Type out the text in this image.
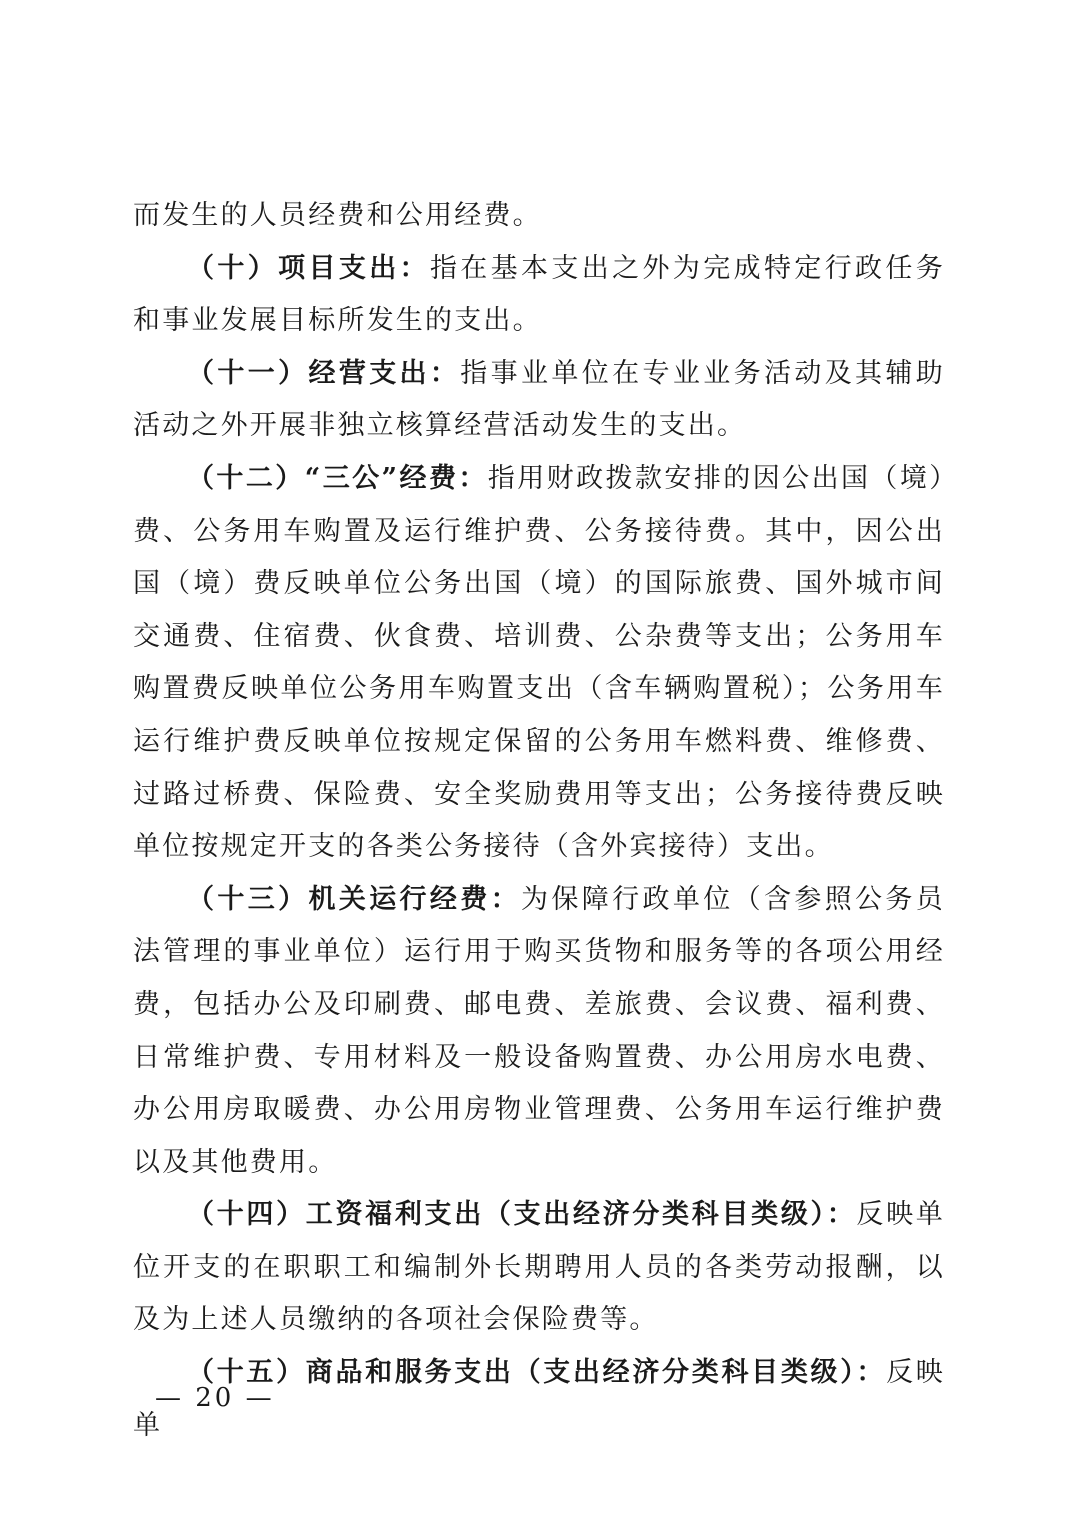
而发生的人员经费和公用经费。

（十）项目支出：指在基本支出之外为完成特定行政任务和事业发展目标所发生的支出。

（十一）经营支出：指事业单位在专业业务活动及其辅助活动之外开展非独立核算经营活动发生的支出。

（十二）“三公”经费：指用财政拨款安排的因公出国（境）费、公务用车购置及运行维护费、公务接待费。其中，因公出国（境）费反映单位公务出国（境）的国际旅费、国外城市间交通费、住宿费、伙食费、培训费、公杂费等支出；公务用车购置费反映单位公务用车购置支出（含车辆购置税）；公务用车运行维护费反映单位按规定保留的公务用车燃料费、维修费、过路过桥费、保险费、安全奖励费用等支出；公务接待费反映单位按规定开支的各类公务接待（含外宾接待）支出。

（十三）机关运行经费：为保障行政单位（含参照公务员法管理的事业单位）运行用于购买货物和服务等的各项公用经费，包括办公及印刷费、邮电费、差旅费、会议费、福利费、日常维护费、专用材料及一般设备购置费、办公用房水电费、办公用房取暖费、办公用房物业管理费、公务用车运行维护费以及其他费用。

（十四）工资福利支出（支出经济分类科目类级）：反映单位开支的在职职工和编制外长期聘用人员的各类劳动报酬，以及为上述人员缴纳的各项社会保险费等。

（十五）商品和服务支出（支出经济分类科目类级）：反映单

— 20 —
